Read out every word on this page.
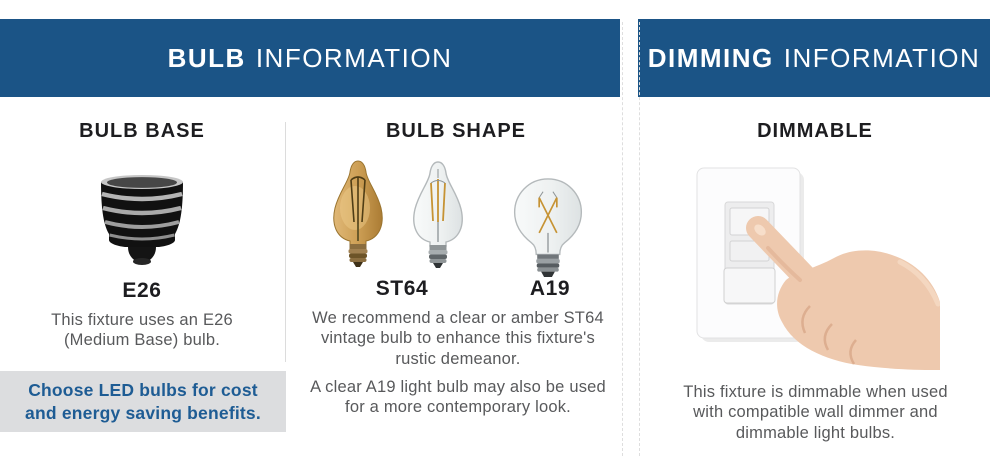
BULB INFORMATION	DIMMING INFORMATION
BULB BASE	BULB SHAPE	DIMMABLE
ST64	A19
E26
This fixture uses an E26 (Medium Base) bulb.
Choose LED bulbs for cost and energy saving benefits.
We recommend a clear or amber ST64 vintage bulb to enhance this fixture's rustic demeanor.
A clear A19 light bulb may also be used for a more contemporary look.
This fixture is dimmable when used with compatible wall dimmer and dimmable light bulbs.
